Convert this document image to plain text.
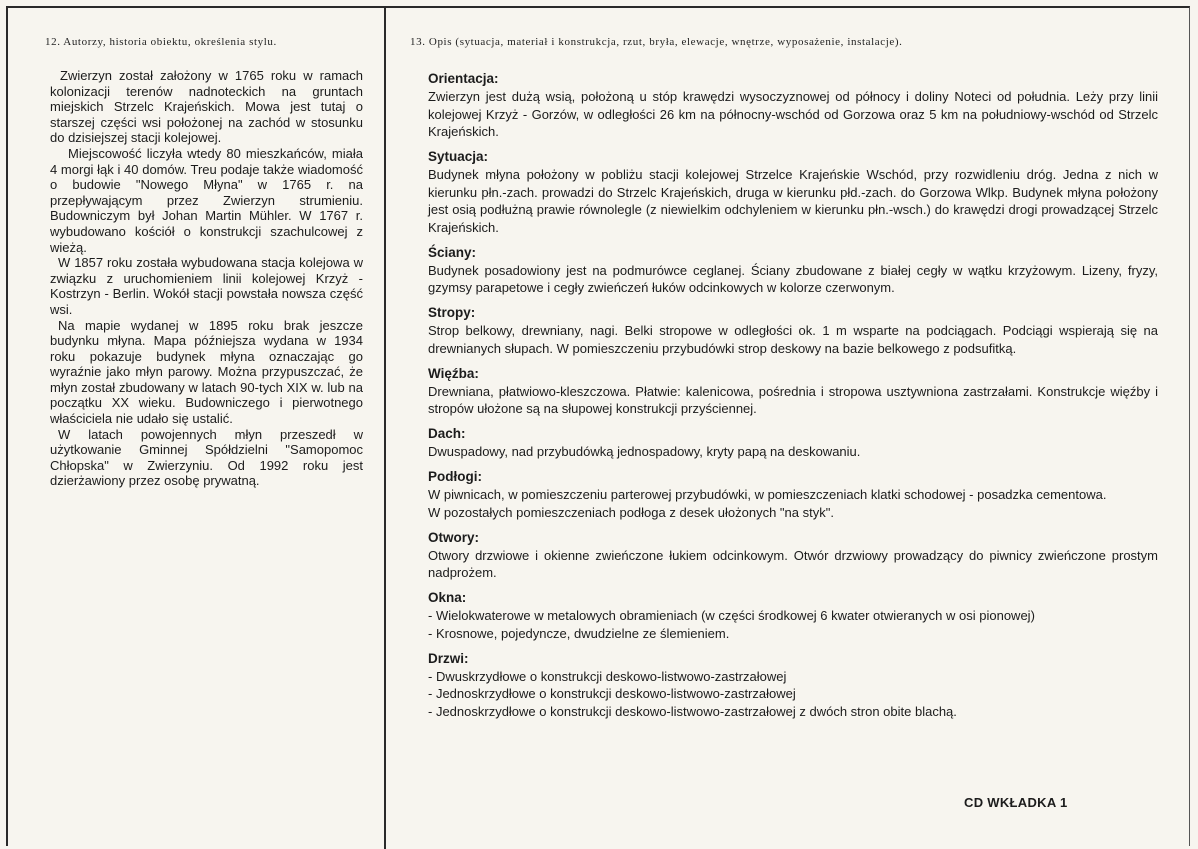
12. Autorzy, historia obiektu, określenia stylu.	13. Opis (sytuacja, materiał i konstrukcja, rzut, bryła, elewacje, wnętrze, wyposażenie, instalacje).

Zwierzyn został założony w 1765 roku w ramach kolonizacji terenów nadnoteckich na gruntach miejskich Strzelc Krajeńskich. Mowa jest tutaj o starszej części wsi położonej na zachód w stosunku do dzisiejszej stacji kolejowej.

Miejscowość liczyła wtedy 80 mieszkańców, miała 4 morgi łąk i 40 domów. Treu podaje także wiadomość o budowie "Nowego Młyna" w 1765 r. na przepływającym przez Zwierzyn strumieniu. Budowniczym był Johan Martin Mühler. W 1767 r. wybudowano kościół o konstrukcji szachulcowej z wieżą.

W 1857 roku została wybudowana stacja kolejowa w związku z uruchomieniem linii kolejowej Krzyż - Kostrzyn - Berlin. Wokół stacji powstała nowsza część wsi.

Na mapie wydanej w 1895 roku brak jeszcze budynku młyna. Mapa późniejsza wydana w 1934 roku pokazuje budynek młyna oznaczając go wyraźnie jako młyn parowy. Można przypuszczać, że młyn został zbudowany w latach 90-tych XIX w. lub na początku XX wieku. Budowniczego i pierwotnego właściciela nie udało się ustalić.

W latach powojennych młyn przeszedł w użytkowanie Gminnej Spółdzielni "Samopomoc Chłopska" w Zwierzyniu. Od 1992 roku jest dzierżawiony przez osobę prywatną.

Orientacja:

Zwierzyn jest dużą wsią, położoną u stóp krawędzi wysoczyznowej od północy i doliny Noteci od południa. Leży przy linii kolejowej Krzyż - Gorzów, w odległości 26 km na północny-wschód od Gorzowa oraz 5 km na południowy-wschód od Strzelc Krajeńskich.

Sytuacja:

Budynek młyna położony w pobliżu stacji kolejowej Strzelce Krajeńskie Wschód, przy rozwidleniu dróg. Jedna z nich w kierunku płn.-zach. prowadzi do Strzelc Krajeńskich, druga w kierunku płd.-zach. do Gorzowa Wlkp. Budynek młyna położony jest osią podłużną prawie równolegle (z niewielkim odchyleniem w kierunku płn.-wsch.) do krawędzi drogi prowadzącej Strzelc Krajeńskich.

Ściany:

Budynek posadowiony jest na podmurówce ceglanej. Ściany zbudowane z białej cegły w wątku krzyżowym. Lizeny, fryzy, gzymsy parapetowe i cegły zwieńczeń łuków odcinkowych w kolorze czerwonym.

Stropy:

Strop belkowy, drewniany, nagi. Belki stropowe w odległości ok. 1 m wsparte na podciągach. Podciągi wspierają się na drewnianych słupach. W pomieszczeniu przybudówki strop deskowy na bazie belkowego z podsufitką.

Więźba:

Drewniana, płatwiowo-kleszczowa. Płatwie: kalenicowa, pośrednia i stropowa usztywniona zastrzałami. Konstrukcje więźby i stropów ułożone są na słupowej konstrukcji przyściennej.

Dach:

Dwuspadowy, nad przybudówką jednospadowy, kryty papą na deskowaniu.

Podłogi:

W piwnicach, w pomieszczeniu parterowej przybudówki, w pomieszczeniach klatki schodowej - posadzka cementowa.
W pozostałych pomieszczeniach podłoga z desek ułożonych "na styk".

Otwory:

Otwory drzwiowe i okienne zwieńczone łukiem odcinkowym. Otwór drzwiowy prowadzący do piwnicy zwieńczone prostym nadprożem.

Okna:

- Wielokwaterowe w metalowych obramieniach (w części środkowej 6 kwater otwieranych w osi pionowej)
- Krosnowe, pojedyncze, dwudzielne ze ślemieniem.

Drzwi:

- Dwuskrzydłowe o konstrukcji deskowo-listwowo-zastrzałowej
- Jednoskrzydłowe o konstrukcji deskowo-listwowo-zastrzałowej
- Jednoskrzydłowe o konstrukcji deskowo-listwowo-zastrzałowej z dwóch stron obite blachą.

CD WKŁADKA 1
